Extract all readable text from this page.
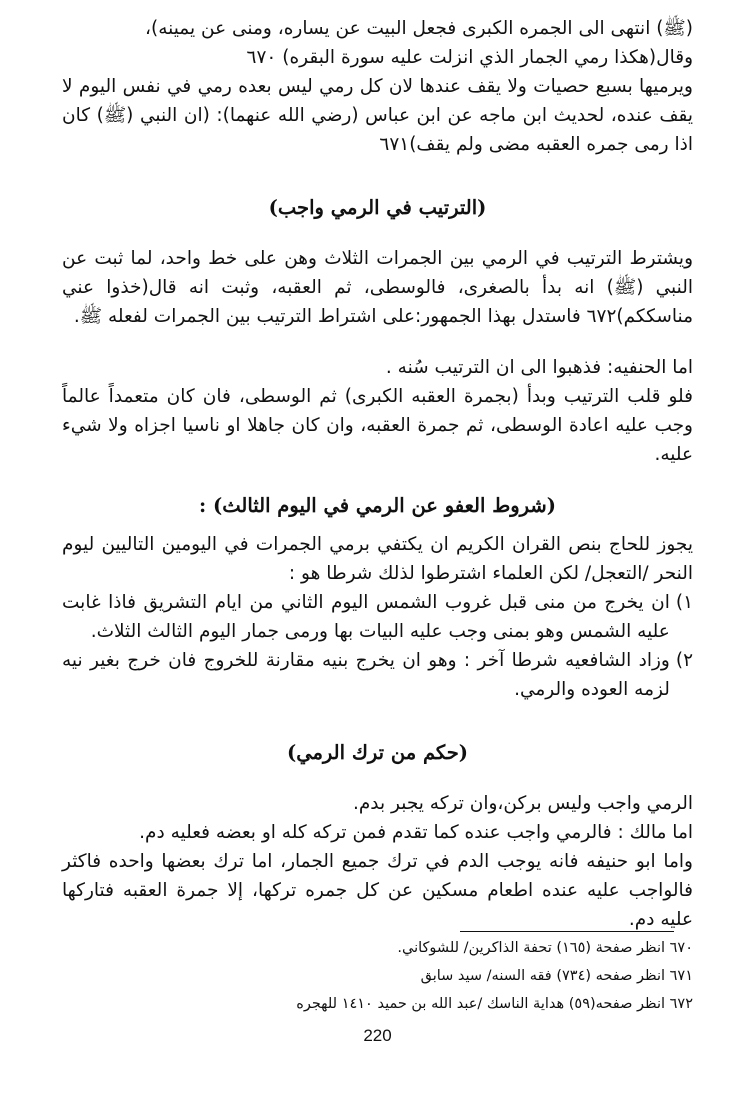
(ﷺ) انتهى الى الجمره الكبرى فجعل البيت عن يساره، ومنى عن يمينه)،

وقال(هكذا رمي الجمار الذي انزلت عليه سورة البقره) ٦٧٠

ويرميها بسبع حصيات ولا يقف عندها لان كل رمي ليس بعده رمي في نفس اليوم لا يقف عنده، لحديث ابن ماجه عن ابن عباس (رضي الله عنهما): (ان النبي (ﷺ) كان اذا رمى جمره العقبه مضى ولم يقف)٦٧١

(الترتيب في الرمي واجب)

ويشترط الترتيب في الرمي بين الجمرات الثلاث وهن على خط واحد، لما ثبت عن النبي (ﷺ) انه بدأ بالصغرى، فالوسطى، ثم العقبه، وثبت انه قال(خذوا عني مناسككم)٦٧٢ فاستدل بهذا الجمهور:على اشتراط الترتيب بين الجمرات لفعله ﷺ.

اما الحنفيه: فذهبوا الى ان الترتيب سُنه .

فلو قلب الترتيب وبدأ (بجمرة العقبه الكبرى) ثم الوسطى، فان كان متعمداً عالماً وجب عليه اعادة الوسطى، ثم جمرة العقبه، وان كان جاهلا او ناسيا اجزاه ولا شيء عليه.

(شروط العفو عن الرمي في اليوم الثالث) :

يجوز للحاج بنص القران الكريم ان يكتفي برمي الجمرات في اليومين التاليين ليوم النحر /التعجل/ لكن العلماء اشترطوا لذلك شرطا هو :

١)

ان يخرج من منى قبل غروب الشمس اليوم الثاني من ايام التشريق فاذا غابت عليه الشمس وهو بمنى وجب عليه البيات بها ورمى جمار اليوم الثالث الثلاث.

٢)

وزاد الشافعيه شرطا آخر : وهو ان يخرج بنيه مقارنة للخروج فان خرج بغير نيه لزمه العوده والرمي.

(حكم من ترك الرمي)

الرمي واجب وليس بركن،وان تركه يجبر بدم.

اما مالك : فالرمي واجب عنده كما تقدم فمن تركه كله او بعضه فعليه دم.

واما ابو حنيفه فانه يوجب الدم في ترك جميع الجمار، اما ترك بعضها واحده فاكثر فالواجب عليه عنده اطعام مسكين عن كل جمره تركها، إلا جمرة العقبه فتاركها عليه دم.

٦٧٠ انظر صفحة (١٦٥) تحفة الذاكرين/ للشوكاني.

٦٧١ انظر صفحه (٧٣٤) فقه السنه/ سيد سابق

٦٧٢ انظر صفحه(٥٩) هداية الناسك /عبد الله بن حميد ١٤١٠ للهجره

220
